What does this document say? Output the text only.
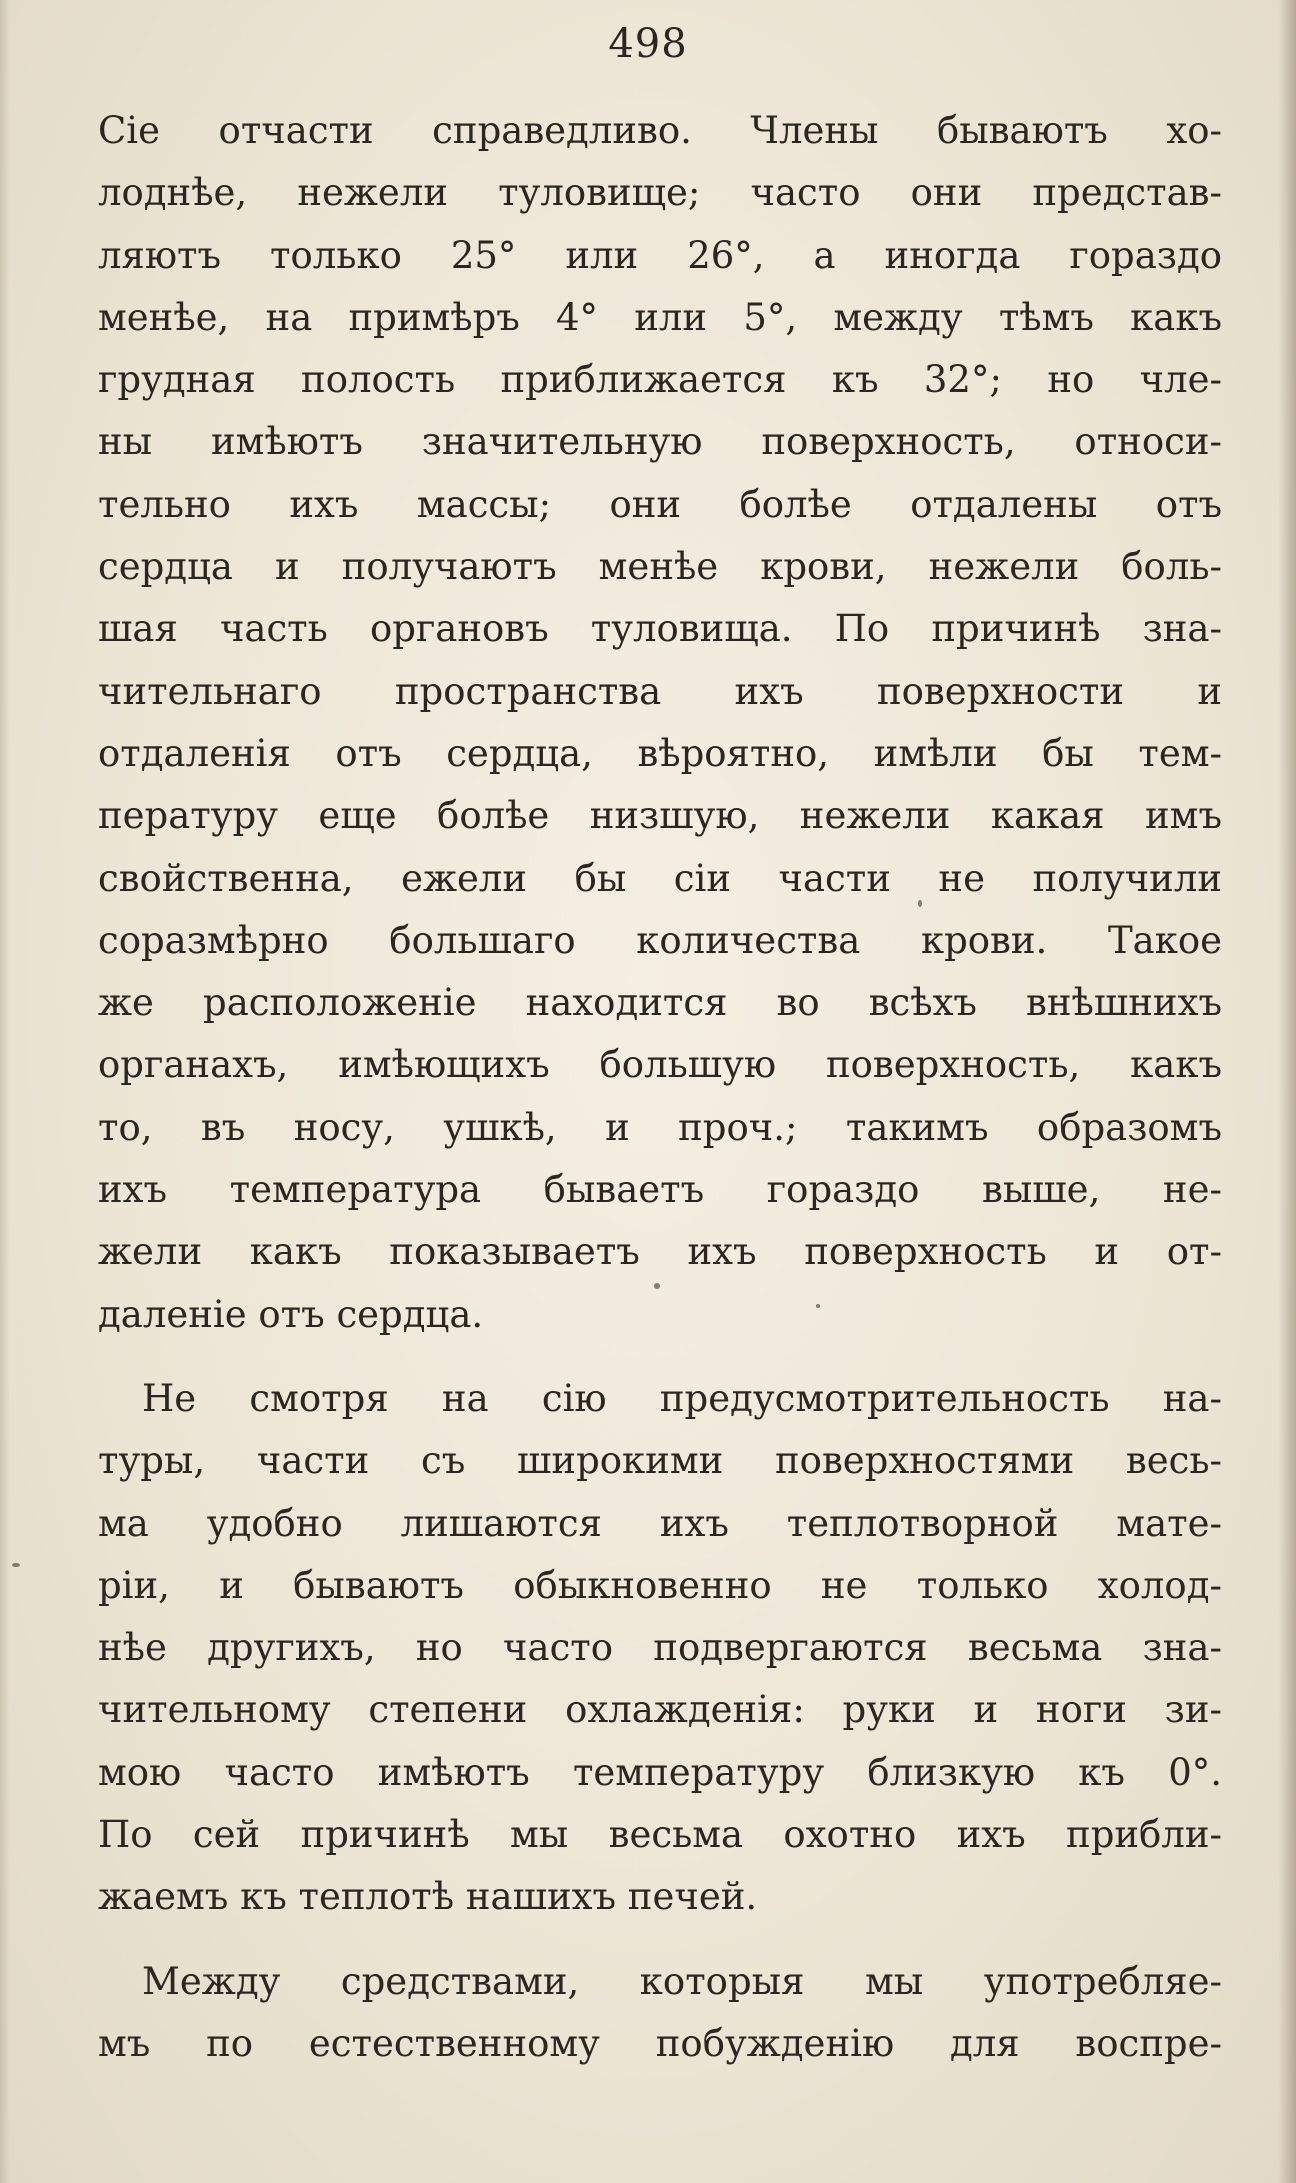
498
Сіе отчасти справедливо. Члены бываютъ хо-
лоднѣе, нежели туловище; часто они представ-
ляютъ только 25° или 26°, а иногда гораздо
менѣе, на примѣръ 4° или 5°, между тѣмъ какъ
грудная полость приближается къ 32°; но чле-
ны имѣютъ значительную поверхность, относи-
тельно ихъ массы; они болѣе отдалены отъ
сердца и получаютъ менѣе крови, нежели боль-
шая часть органовъ туловища. По причинѣ зна-
чительнаго пространства ихъ поверхности и
отдаленія отъ сердца, вѣроятно, имѣли бы тем-
пературу еще болѣе низшую, нежели какая имъ
свойственна, ежели бы сіи части не получили
соразмѣрно большаго количества крови. Такое
же расположеніе находится во всѣхъ внѣшнихъ
органахъ, имѣющихъ большую поверхность, какъ
то, въ носу, ушкѣ, и проч.; такимъ образомъ
ихъ температура бываетъ гораздо выше, не-
жели какъ показываетъ ихъ поверхность и от-
даленіе отъ сердца.
Не смотря на сію предусмотрительность на-
туры, части съ широкими поверхностями весь-
ма удобно лишаются ихъ теплотворной мате-
ріи, и бываютъ обыкновенно не только холод-
нѣе другихъ, но часто подвергаются весьма зна-
чительному степени охлажденія: руки и ноги зи-
мою часто имѣютъ температуру близкую къ 0°.
По сей причинѣ мы весьма охотно ихъ прибли-
жаемъ къ теплотѣ нашихъ печей.
Между средствами, которыя мы употребляе-
мъ по естественному побужденію для воспре-
